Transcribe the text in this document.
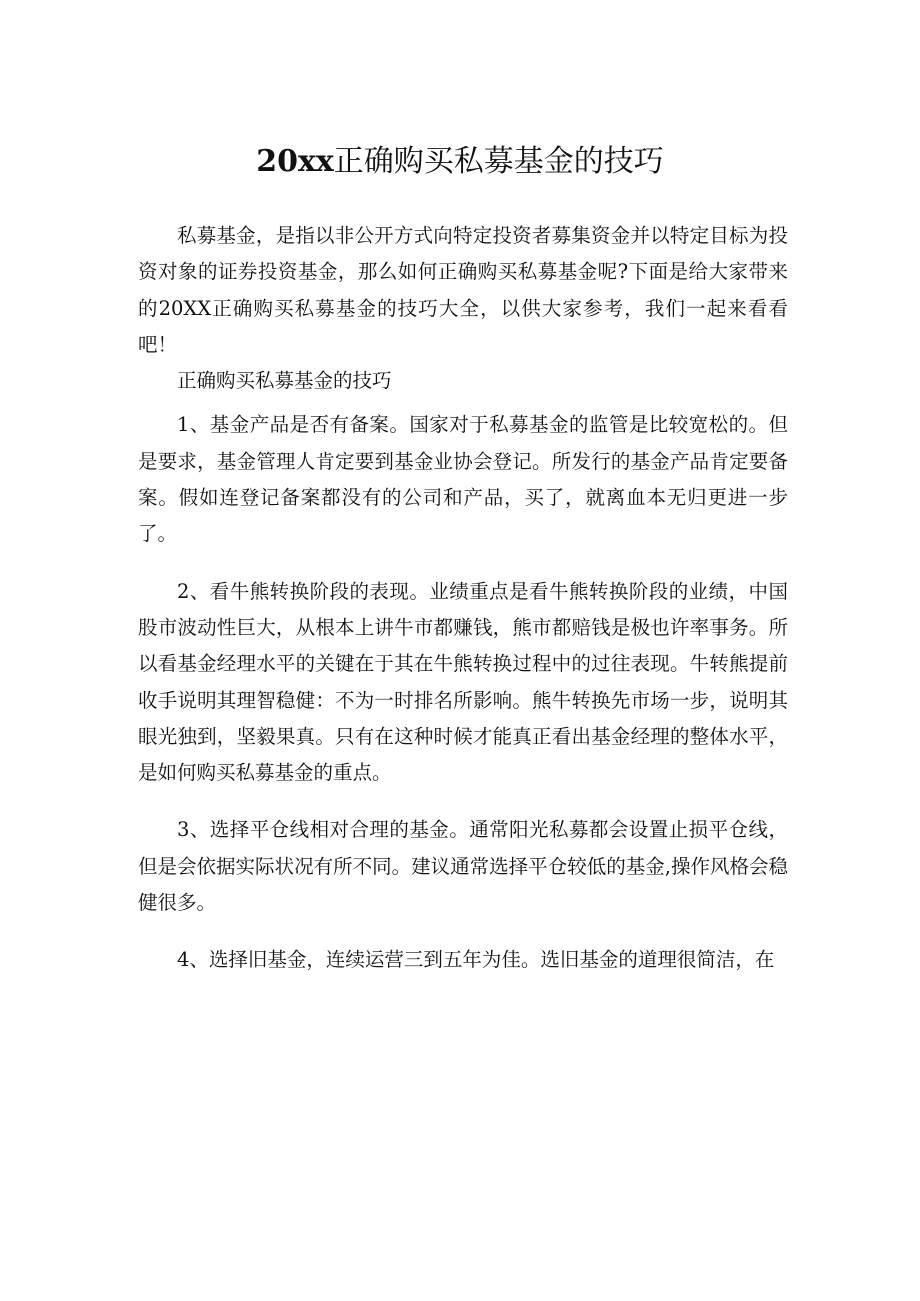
20xx正确购买私募基金的技巧

私募基金，是指以非公开方式向特定投资者募集资金并以特定目标为投资对象的证券投资基金，那么如何正确购买私募基金呢?下面是给大家带来的20XX正确购买私募基金的技巧大全，以供大家参考，我们一起来看看吧！

正确购买私募基金的技巧

1、基金产品是否有备案。国家对于私募基金的监管是比较宽松的。但是要求，基金管理人肯定要到基金业协会登记。所发行的基金产品肯定要备案。假如连登记备案都没有的公司和产品，买了，就离血本无归更进一步了。

2、看牛熊转换阶段的表现。业绩重点是看牛熊转换阶段的业绩，中国股市波动性巨大，从根本上讲牛市都赚钱，熊市都赔钱是极也许率事务。所以看基金经理水平的关键在于其在牛熊转换过程中的过往表现。牛转熊提前收手说明其理智稳健：不为一时排名所影响。熊牛转换先市场一步，说明其眼光独到，坚毅果真。只有在这种时候才能真正看出基金经理的整体水平，是如何购买私募基金的重点。

3、选择平仓线相对合理的基金。通常阳光私募都会设置止损平仓线，但是会依据实际状况有所不同。建议通常选择平仓较低的基金,操作风格会稳健很多。

4、选择旧基金，连续运营三到五年为佳。选旧基金的道理很简洁，在
